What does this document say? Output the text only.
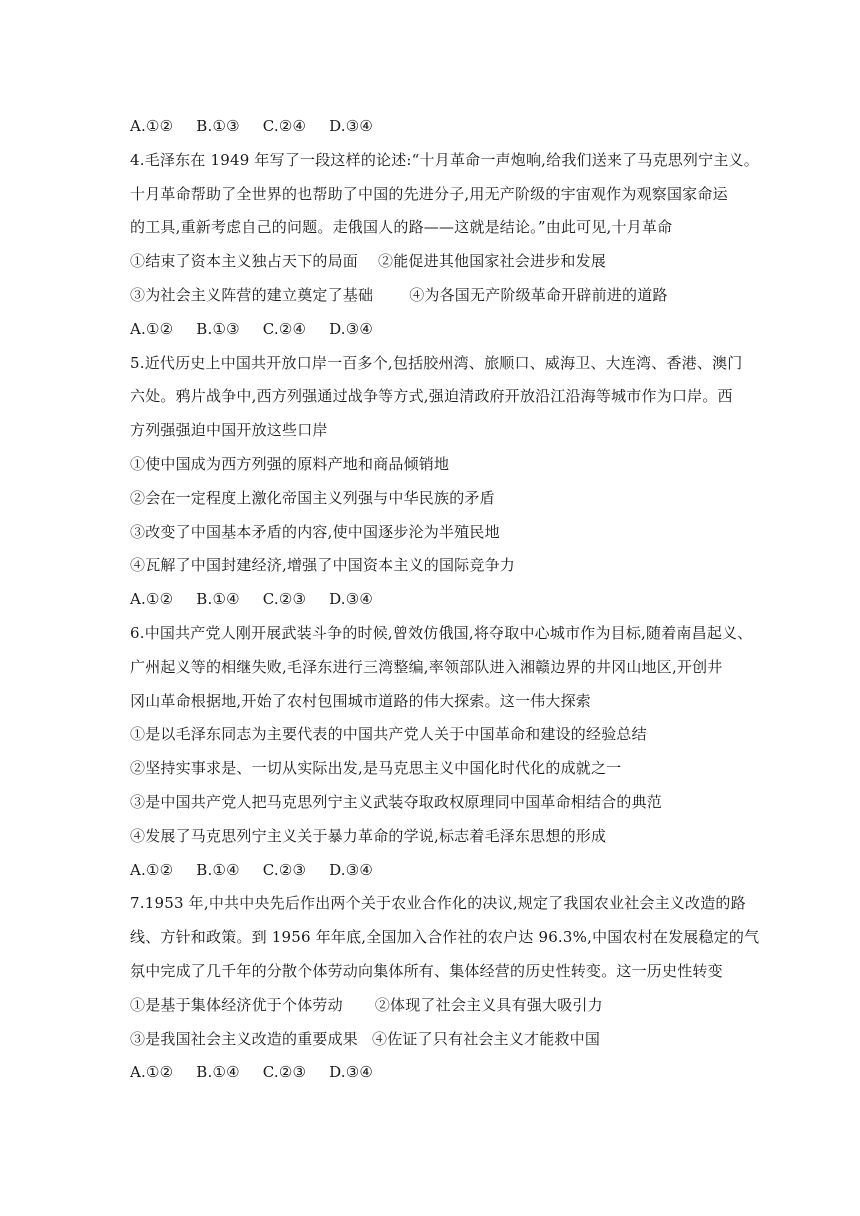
A.①② B.①③ C.②④ D.③④
4.毛泽东在 1949 年写了一段这样的论述:“十月革命一声炮响,给我们送来了马克思列宁主义。
十月革命帮助了全世界的也帮助了中国的先进分子,用无产阶级的宇宙观作为观察国家命运
的工具,重新考虑自己的问题。走俄国人的路——这就是结论。”由此可见,十月革命
①结束了资本主义独占天下的局面 ②能促进其他国家社会进步和发展
③为社会主义阵营的建立奠定了基础 ④为各国无产阶级革命开辟前进的道路
A.①② B.①③ C.②④ D.③④
5.近代历史上中国共开放口岸一百多个,包括胶州湾、旅顺口、威海卫、大连湾、香港、澳门
六处。鸦片战争中,西方列强通过战争等方式,强迫清政府开放沿江沿海等城市作为口岸。西
方列强强迫中国开放这些口岸
①使中国成为西方列强的原料产地和商品倾销地
②会在一定程度上激化帝国主义列强与中华民族的矛盾
③改变了中国基本矛盾的内容,使中国逐步沦为半殖民地
④瓦解了中国封建经济,增强了中国资本主义的国际竞争力
A.①② B.①④ C.②③ D.③④
6.中国共产党人刚开展武装斗争的时候,曾效仿俄国,将夺取中心城市作为目标,随着南昌起义、
广州起义等的相继失败,毛泽东进行三湾整编,率领部队进入湘赣边界的井冈山地区,开创井
冈山革命根据地,开始了农村包围城市道路的伟大探索。这一伟大探索
①是以毛泽东同志为主要代表的中国共产党人关于中国革命和建设的经验总结
②坚持实事求是、一切从实际出发,是马克思主义中国化时代化的成就之一
③是中国共产党人把马克思列宁主义武装夺取政权原理同中国革命相结合的典范
④发展了马克思列宁主义关于暴力革命的学说,标志着毛泽东思想的形成
A.①② B.①④ C.②③ D.③④
7.1953 年,中共中央先后作出两个关于农业合作化的决议,规定了我国农业社会主义改造的路
线、方针和政策。到 1956 年年底,全国加入合作社的农户达 96.3%,中国农村在发展稳定的气
氛中完成了几千年的分散个体劳动向集体所有、集体经营的历史性转变。这一历史性转变
①是基于集体经济优于个体劳动 ②体现了社会主义具有强大吸引力
③是我国社会主义改造的重要成果 ④佐证了只有社会主义才能救中国
A.①② B.①④ C.②③ D.③④
